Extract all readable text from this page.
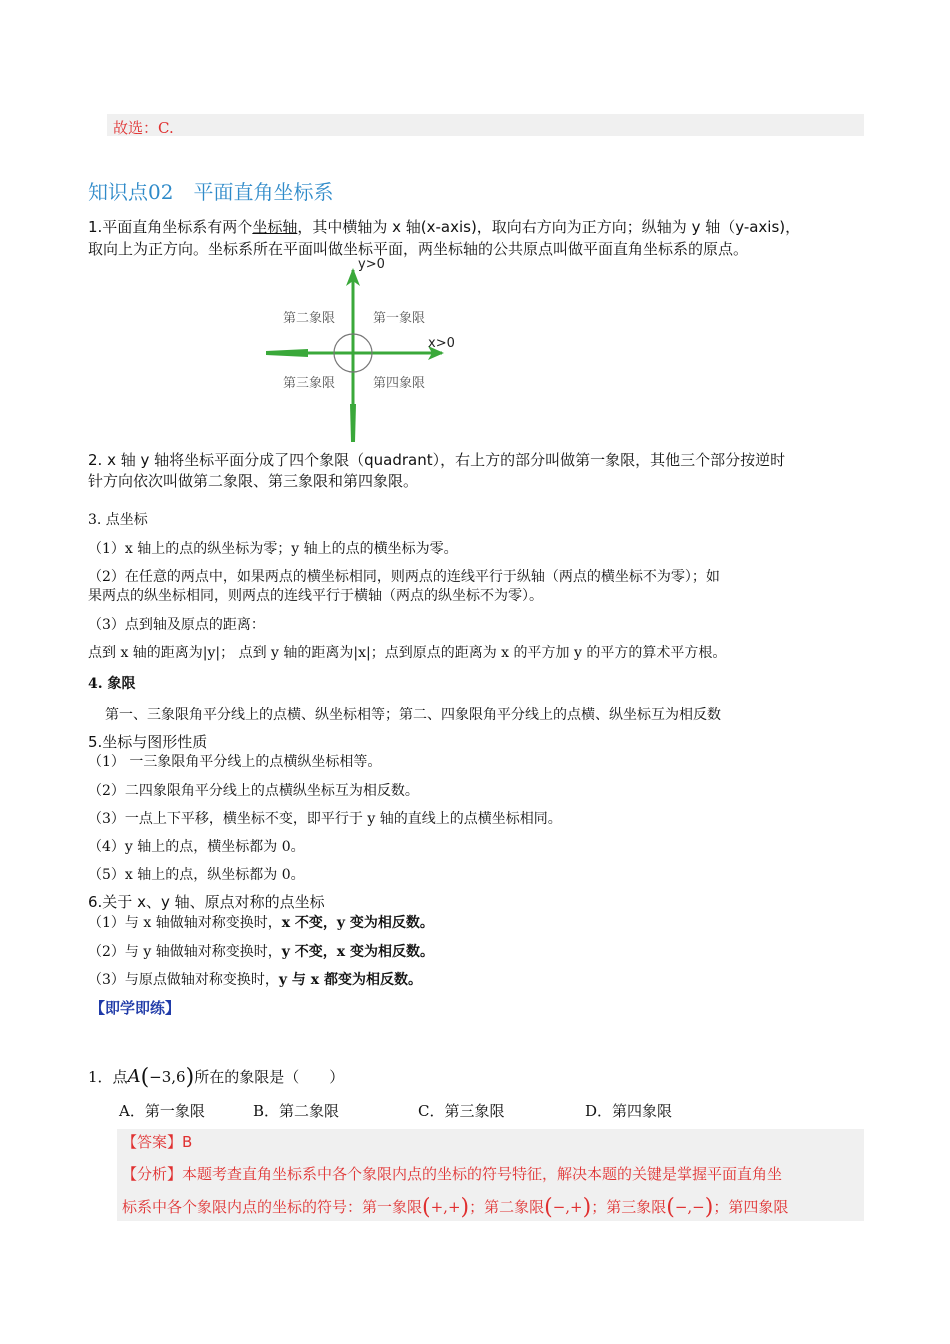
故选：C.
知识点02　平面直角坐标系
1.平面直角坐标系有两个坐标轴，其中横轴为 x 轴(x-axis)，取向右方向为正方向；纵轴为 y 轴（y-axis)，
取向上为正方向。坐标系所在平面叫做坐标平面，两坐标轴的公共原点叫做平面直角坐标系的原点。
y>0
x>0
第二象限	第一象限
第三象限	第四象限
2. x 轴 y 轴将坐标平面分成了四个象限（quadrant），右上方的部分叫做第一象限，其他三个部分按逆时
针方向依次叫做第二象限、第三象限和第四象限。
3. 点坐标
（1）x 轴上的点的纵坐标为零；y 轴上的点的横坐标为零。
（2）在任意的两点中，如果两点的横坐标相同，则两点的连线平行于纵轴（两点的横坐标不为零）；如
果两点的纵坐标相同，则两点的连线平行于横轴（两点的纵坐标不为零）。
（3）点到轴及原点的距离：
点到 x 轴的距离为|y|； 点到 y 轴的距离为|x|；点到原点的距离为 x 的平方加 y 的平方的算术平方根。
4. 象限
第一、三象限角平分线上的点横、纵坐标相等；第二、四象限角平分线上的点横、纵坐标互为相反数
5.坐标与图形性质
（1） 一三象限角平分线上的点横纵坐标相等。
（2）二四象限角平分线上的点横纵坐标互为相反数。
（3）一点上下平移，横坐标不变，即平行于 y 轴的直线上的点横坐标相同。
（4）y 轴上的点，横坐标都为 0。
（5）x 轴上的点，纵坐标都为 0。
6.关于 x、y 轴、原点对称的点坐标
（1）与 x 轴做轴对称变换时，x 不变，y 变为相反数。
（2）与 y 轴做轴对称变换时，y 不变，x 变为相反数。
（3）与原点做轴对称变换时，y 与 x 都变为相反数。
【即学即练】
1．点A(−3,6)所在的象限是（　　）
A．第一象限	B．第二象限	C．第三象限	D．第四象限
【答案】B
【分析】本题考查直角坐标系中各个象限内点的坐标的符号特征，解决本题的关键是掌握平面直角坐
标系中各个象限内点的坐标的符号：第一象限(+,+)；第二象限(−,+)；第三象限(−,−)；第四象限
